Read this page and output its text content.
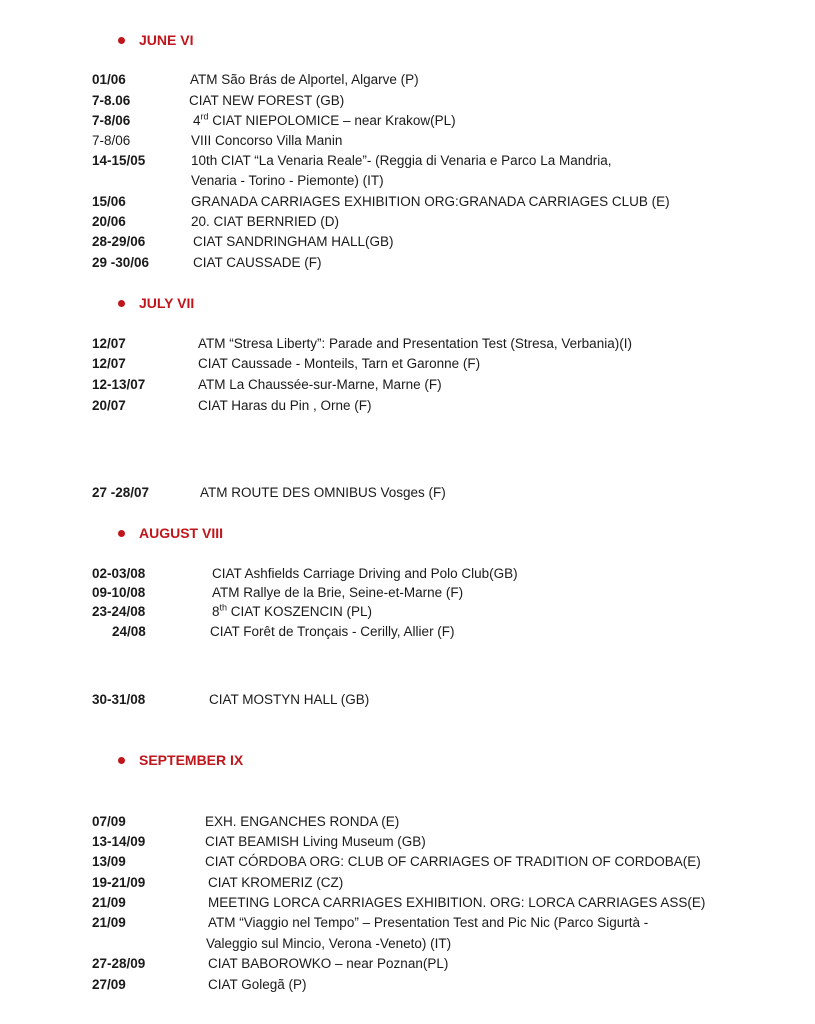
JUNE VI
01/06	ATM São Brás de Alportel, Algarve (P)
7-8.06	CIAT NEW FOREST (GB)
7-8/06	4rd CIAT NIEPOLOMICE – near Krakow(PL)
7-8/06	VIII Concorso Villa Manin
14-15/05	10th CIAT “La Venaria Reale”- (Reggia di Venaria e Parco La Mandria,
Venaria - Torino - Piemonte) (IT)
15/06	GRANADA CARRIAGES EXHIBITION ORG:GRANADA CARRIAGES CLUB (E)
20/06	20. CIAT BERNRIED (D)
28-29/06	CIAT SANDRINGHAM HALL(GB)
29 -30/06	CIAT CAUSSADE (F)
JULY VII
12/07	ATM “Stresa Liberty”: Parade and Presentation Test (Stresa, Verbania)(I)
12/07	CIAT Caussade - Monteils, Tarn et Garonne (F)
12-13/07	ATM La Chaussée-sur-Marne, Marne (F)
20/07	CIAT Haras du Pin , Orne (F)
27 -28/07	ATM ROUTE DES OMNIBUS Vosges (F)
AUGUST VIII
02-03/08	CIAT Ashfields Carriage Driving and Polo Club(GB)
09-10/08	ATM Rallye de la Brie, Seine-et-Marne (F)
23-24/08	8th CIAT KOSZENCIN (PL)
24/08	CIAT Forêt de Tronçais - Cerilly, Allier (F)
30-31/08	CIAT MOSTYN HALL (GB)
SEPTEMBER IX
07/09	EXH. ENGANCHES RONDA (E)
13-14/09	CIAT BEAMISH Living Museum (GB)
13/09	CIAT CÓRDOBA ORG: CLUB OF CARRIAGES OF TRADITION OF CORDOBA(E)
19-21/09	CIAT KROMERIZ (CZ)
21/09	MEETING LORCA CARRIAGES EXHIBITION. ORG: LORCA CARRIAGES ASS(E)
21/09	ATM “Viaggio nel Tempo” – Presentation Test and Pic Nic (Parco Sigurtà -
Valeggio sul Mincio, Verona -Veneto) (IT)
27-28/09	CIAT BABOROWKO – near Poznan(PL)
27/09	CIAT Golegã (P)
